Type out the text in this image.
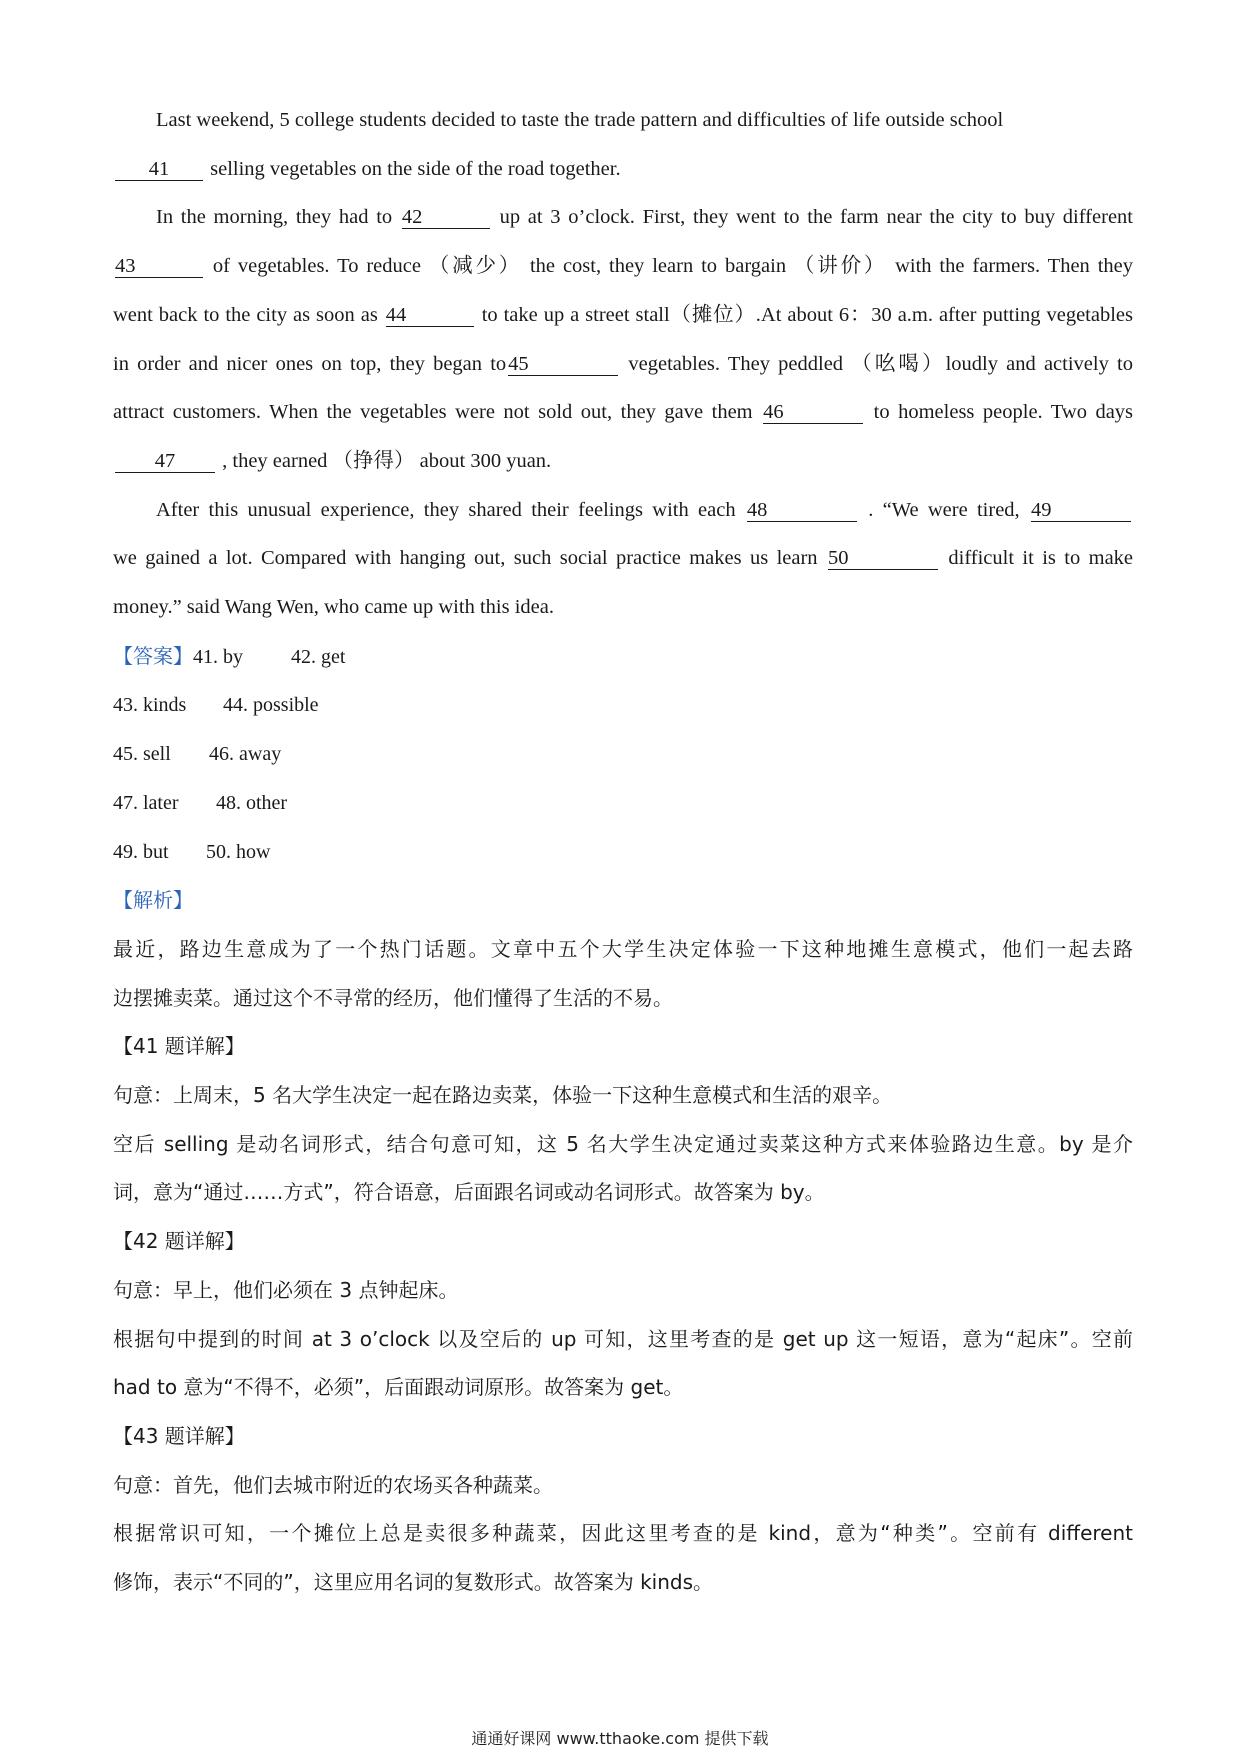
Last weekend, 5 college students decided to taste the trade pattern and difficulties of life outside school
41 selling vegetables on the side of the road together.
In the morning, they had to 42	up at 3 o’clock. First, they went to the farm near the city to buy different
43	of vegetables. To reduce （减少） the cost, they learn to bargain （讲价） with the farmers. Then they
went back to the city as soon as 44	to take up a street stall（摊位）.At about 6：30 a.m. after putting vegetables
in order and nicer ones on top, they began to45	vegetables. They peddled （吆喝）loudly and actively to
attract customers. When the vegetables were not sold out, they gave them 46	to homeless people. Two days
47 , they earned （挣得） about 300 yuan.
After this unusual experience, they shared their feelings with each 48	. “We were tired, 49
we gained a lot. Compared with hanging out, such social practice makes us learn 50	difficult it is to make
money.” said Wang Wen, who came up with this idea.
【答案】41. by 42. get
43. kinds 44. possible
45. sell 46. away
47. later 48. other
49. but 50. how
【解析】
最近，路边生意成为了一个热门话题。文章中五个大学生决定体验一下这种地摊生意模式，他们一起去路
边摆摊卖菜。通过这个不寻常的经历，他们懂得了生活的不易。
【41 题详解】
句意：上周末，5 名大学生决定一起在路边卖菜，体验一下这种生意模式和生活的艰辛。
空后 selling 是动名词形式，结合句意可知，这 5 名大学生决定通过卖菜这种方式来体验路边生意。by 是介
词，意为“通过……方式”，符合语意，后面跟名词或动名词形式。故答案为 by。
【42 题详解】
句意：早上，他们必须在 3 点钟起床。
根据句中提到的时间 at 3 o’clock 以及空后的 up 可知，这里考查的是 get up 这一短语，意为“起床”。空前
had to 意为“不得不，必须”，后面跟动词原形。故答案为 get。
【43 题详解】
句意：首先，他们去城市附近的农场买各种蔬菜。
根据常识可知，一个摊位上总是卖很多种蔬菜，因此这里考查的是 kind，意为“种类”。空前有 different
修饰，表示“不同的”，这里应用名词的复数形式。故答案为 kinds。
通通好课网 www.tthaoke.com 提供下载
